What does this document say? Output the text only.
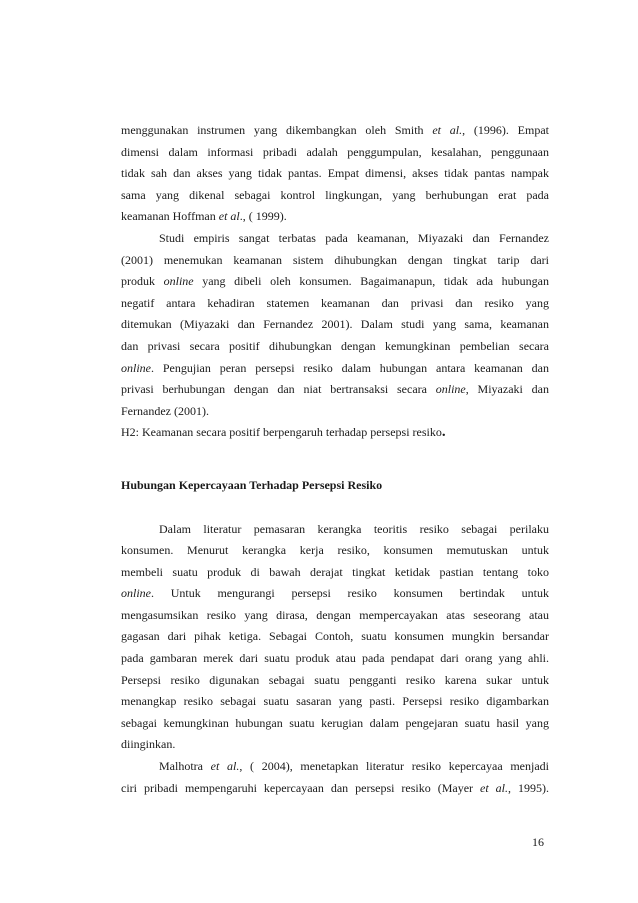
menggunakan instrumen yang dikembangkan oleh Smith et al., (1996). Empat
dimensi dalam informasi pribadi adalah penggumpulan, kesalahan, penggunaan
tidak sah dan akses yang tidak pantas. Empat dimensi, akses tidak pantas nampak
sama yang dikenal sebagai kontrol lingkungan, yang berhubungan erat pada
keamanan Hoffman et al., ( 1999).
Studi empiris sangat terbatas pada keamanan, Miyazaki dan Fernandez
(2001) menemukan keamanan sistem dihubungkan dengan tingkat tarip dari
produk online yang dibeli oleh konsumen. Bagaimanapun, tidak ada hubungan
negatif antara kehadiran statemen keamanan dan privasi dan resiko yang
ditemukan (Miyazaki dan Fernandez 2001). Dalam studi yang sama, keamanan
dan privasi secara positif dihubungkan dengan kemungkinan pembelian secara
online. Pengujian peran persepsi resiko dalam hubungan antara keamanan dan
privasi berhubungan dengan dan niat bertransaksi secara online, Miyazaki dan
Fernandez (2001).
H2: Keamanan secara positif berpengaruh terhadap persepsi resiko.
Hubungan Kepercayaan Terhadap Persepsi Resiko
Dalam literatur pemasaran kerangka teoritis resiko sebagai perilaku
konsumen. Menurut kerangka kerja resiko, konsumen memutuskan untuk
membeli suatu produk di bawah derajat tingkat ketidak pastian tentang toko
online. Untuk mengurangi persepsi resiko konsumen bertindak untuk
mengasumsikan resiko yang dirasa, dengan mempercayakan atas seseorang atau
gagasan dari pihak ketiga. Sebagai Contoh, suatu konsumen mungkin bersandar
pada gambaran merek dari suatu produk atau pada pendapat dari orang yang ahli.
Persepsi resiko digunakan sebagai suatu pengganti resiko karena sukar untuk
menangkap resiko sebagai suatu sasaran yang pasti. Persepsi resiko digambarkan
sebagai kemungkinan hubungan suatu kerugian dalam pengejaran suatu hasil yang
diinginkan.
Malhotra et al., ( 2004), menetapkan literatur resiko kepercayaa menjadi
ciri pribadi mempengaruhi kepercayaan dan persepsi resiko (Mayer et al., 1995).
16
